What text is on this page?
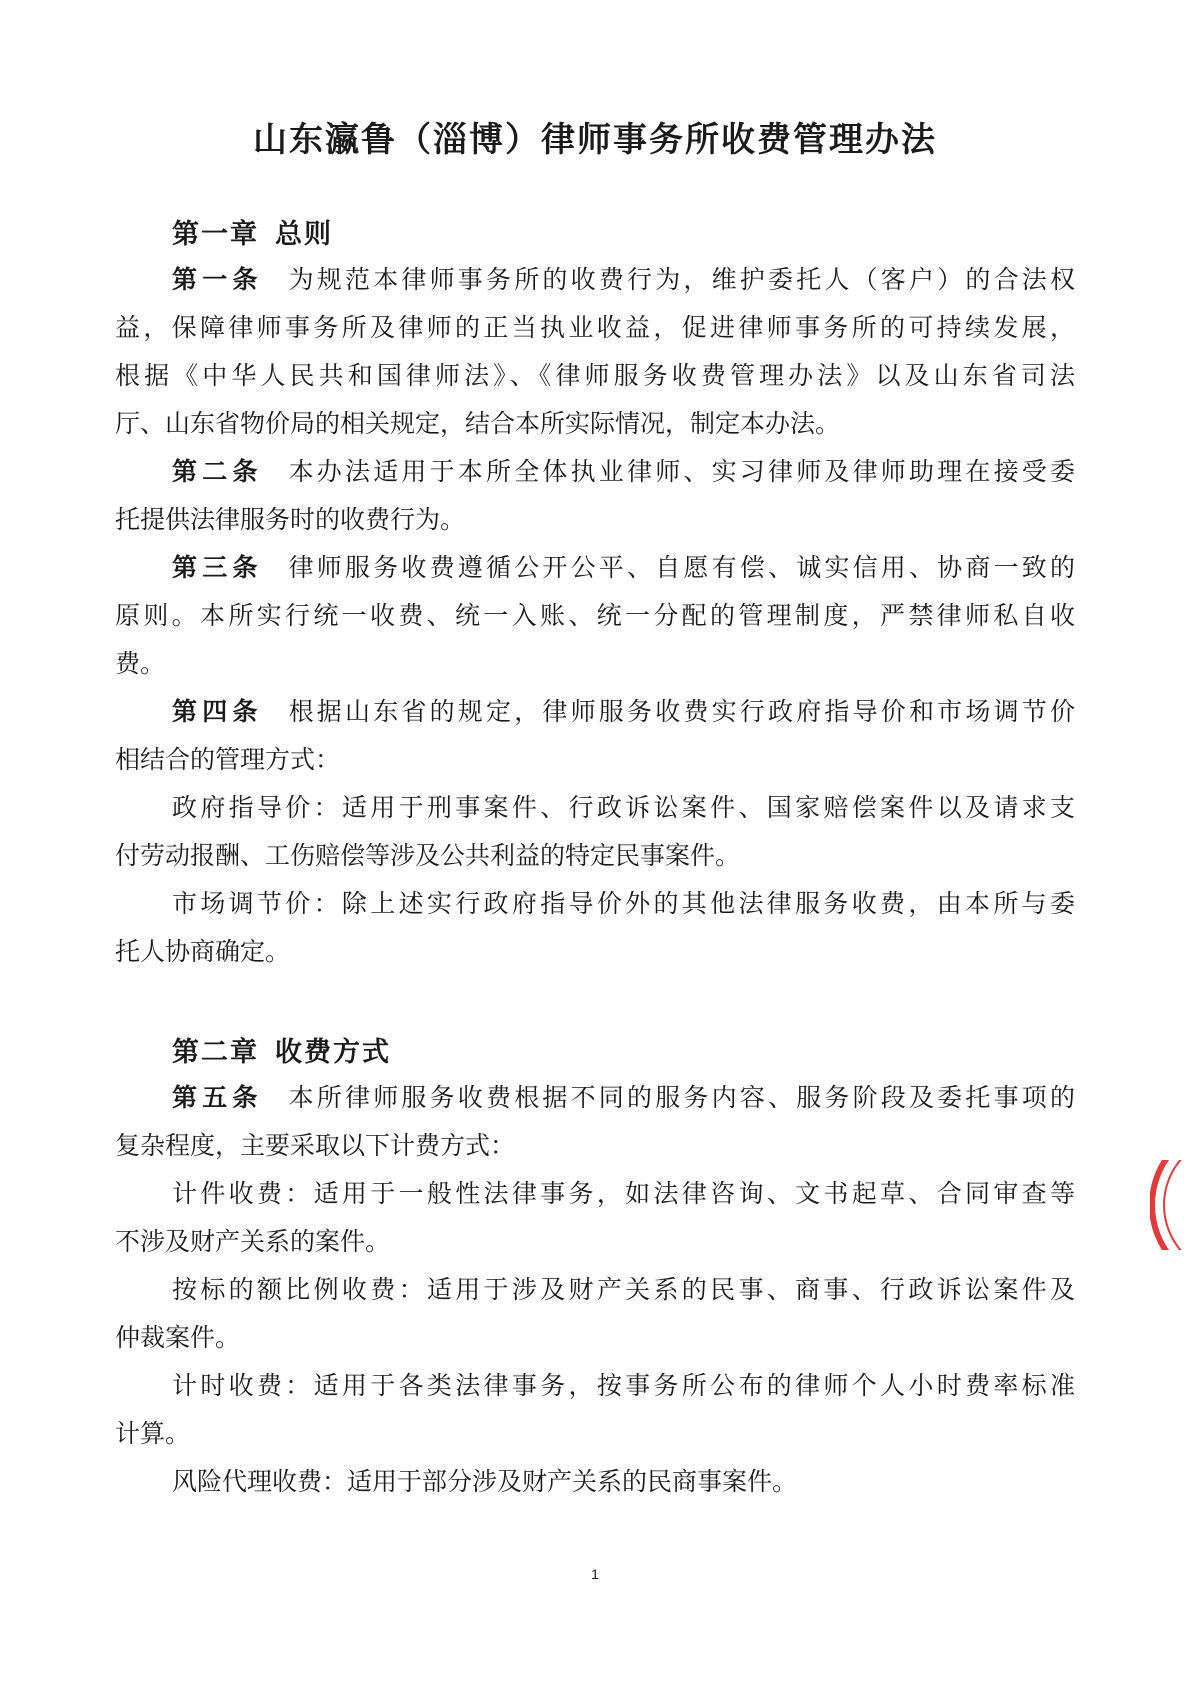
山东瀛鲁（淄博）律师事务所收费管理办法
第一章 总则
第一条 为规范本律师事务所的收费行为，维护委托人（客户）的合法权
益，保障律师事务所及律师的正当执业收益，促进律师事务所的可持续发展，
根据《中华人民共和国律师法》、《律师服务收费管理办法》以及山东省司法
厅、山东省物价局的相关规定，结合本所实际情况，制定本办法。
第二条 本办法适用于本所全体执业律师、实习律师及律师助理在接受委
托提供法律服务时的收费行为。
第三条 律师服务收费遵循公开公平、自愿有偿、诚实信用、协商一致的
原则。本所实行统一收费、统一入账、统一分配的管理制度，严禁律师私自收
费。
第四条 根据山东省的规定，律师服务收费实行政府指导价和市场调节价
相结合的管理方式：
政府指导价：适用于刑事案件、行政诉讼案件、国家赔偿案件以及请求支
付劳动报酬、工伤赔偿等涉及公共利益的特定民事案件。
市场调节价：除上述实行政府指导价外的其他法律服务收费，由本所与委
托人协商确定。
第二章 收费方式
第五条 本所律师服务收费根据不同的服务内容、服务阶段及委托事项的
复杂程度，主要采取以下计费方式：
计件收费：适用于一般性法律事务，如法律咨询、文书起草、合同审查等
不涉及财产关系的案件。
按标的额比例收费：适用于涉及财产关系的民事、商事、行政诉讼案件及
仲裁案件。
计时收费：适用于各类法律事务，按事务所公布的律师个人小时费率标准
计算。
风险代理收费：适用于部分涉及财产关系的民商事案件。
1
